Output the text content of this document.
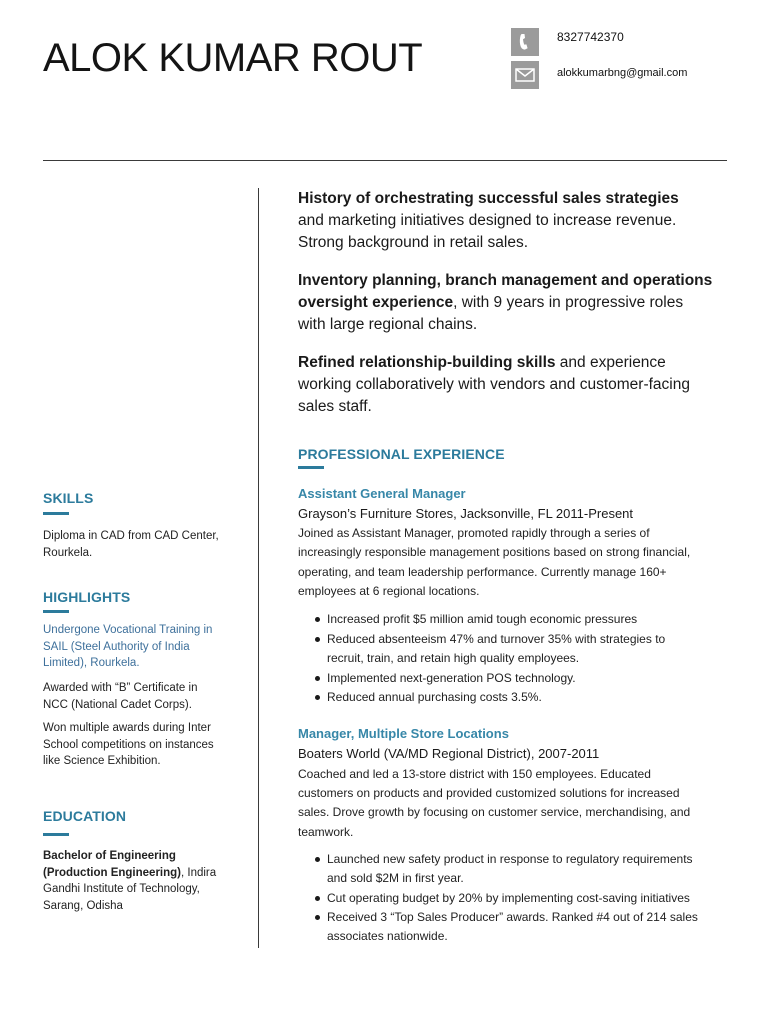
ALOK KUMAR ROUT	8327742370
alokkumarbng@gmail.com
History of orchestrating successful sales strategies
and marketing initiatives designed to increase revenue.
Strong background in retail sales.
Inventory planning, branch management and operations
oversight experience, with 9 years in progressive roles
with large regional chains.
Refined relationship-building skills and experience
working collaboratively with vendors and customer-facing
sales staff.
PROFESSIONAL EXPERIENCE
Assistant General Manager
Grayson’s Furniture Stores, Jacksonville, FL 2011-Present
Joined as Assistant Manager, promoted rapidly through a series of
increasingly responsible management positions based on strong financial,
operating, and team leadership performance. Currently manage 160+
employees at 6 regional locations.
Increased profit $5 million amid tough economic pressures
Reduced absenteeism 47% and turnover 35% with strategies to
recruit, train, and retain high quality employees.
Implemented next-generation POS technology.
Reduced annual purchasing costs 3.5%.
Manager, Multiple Store Locations
Boaters World (VA/MD Regional District), 2007-2011
Coached and led a 13-store district with 150 employees. Educated
customers on products and provided customized solutions for increased
sales. Drove growth by focusing on customer service, merchandising, and
teamwork.
Launched new safety product in response to regulatory requirements
and sold $2M in first year.
Cut operating budget by 20% by implementing cost-saving initiatives
Received 3 “Top Sales Producer” awards. Ranked #4 out of 214 sales
associates nationwide.
SKILLS
Diploma in CAD from CAD Center,
Rourkela.
HIGHLIGHTS
Undergone Vocational Training in
SAIL (Steel Authority of India
Limited), Rourkela.
Awarded with “B” Certificate in
NCC (National Cadet Corps).
Won multiple awards during Inter
School competitions on instances
like Science Exhibition.
EDUCATION
Bachelor of Engineering
(Production Engineering), Indira
Gandhi Institute of Technology,
Sarang, Odisha
